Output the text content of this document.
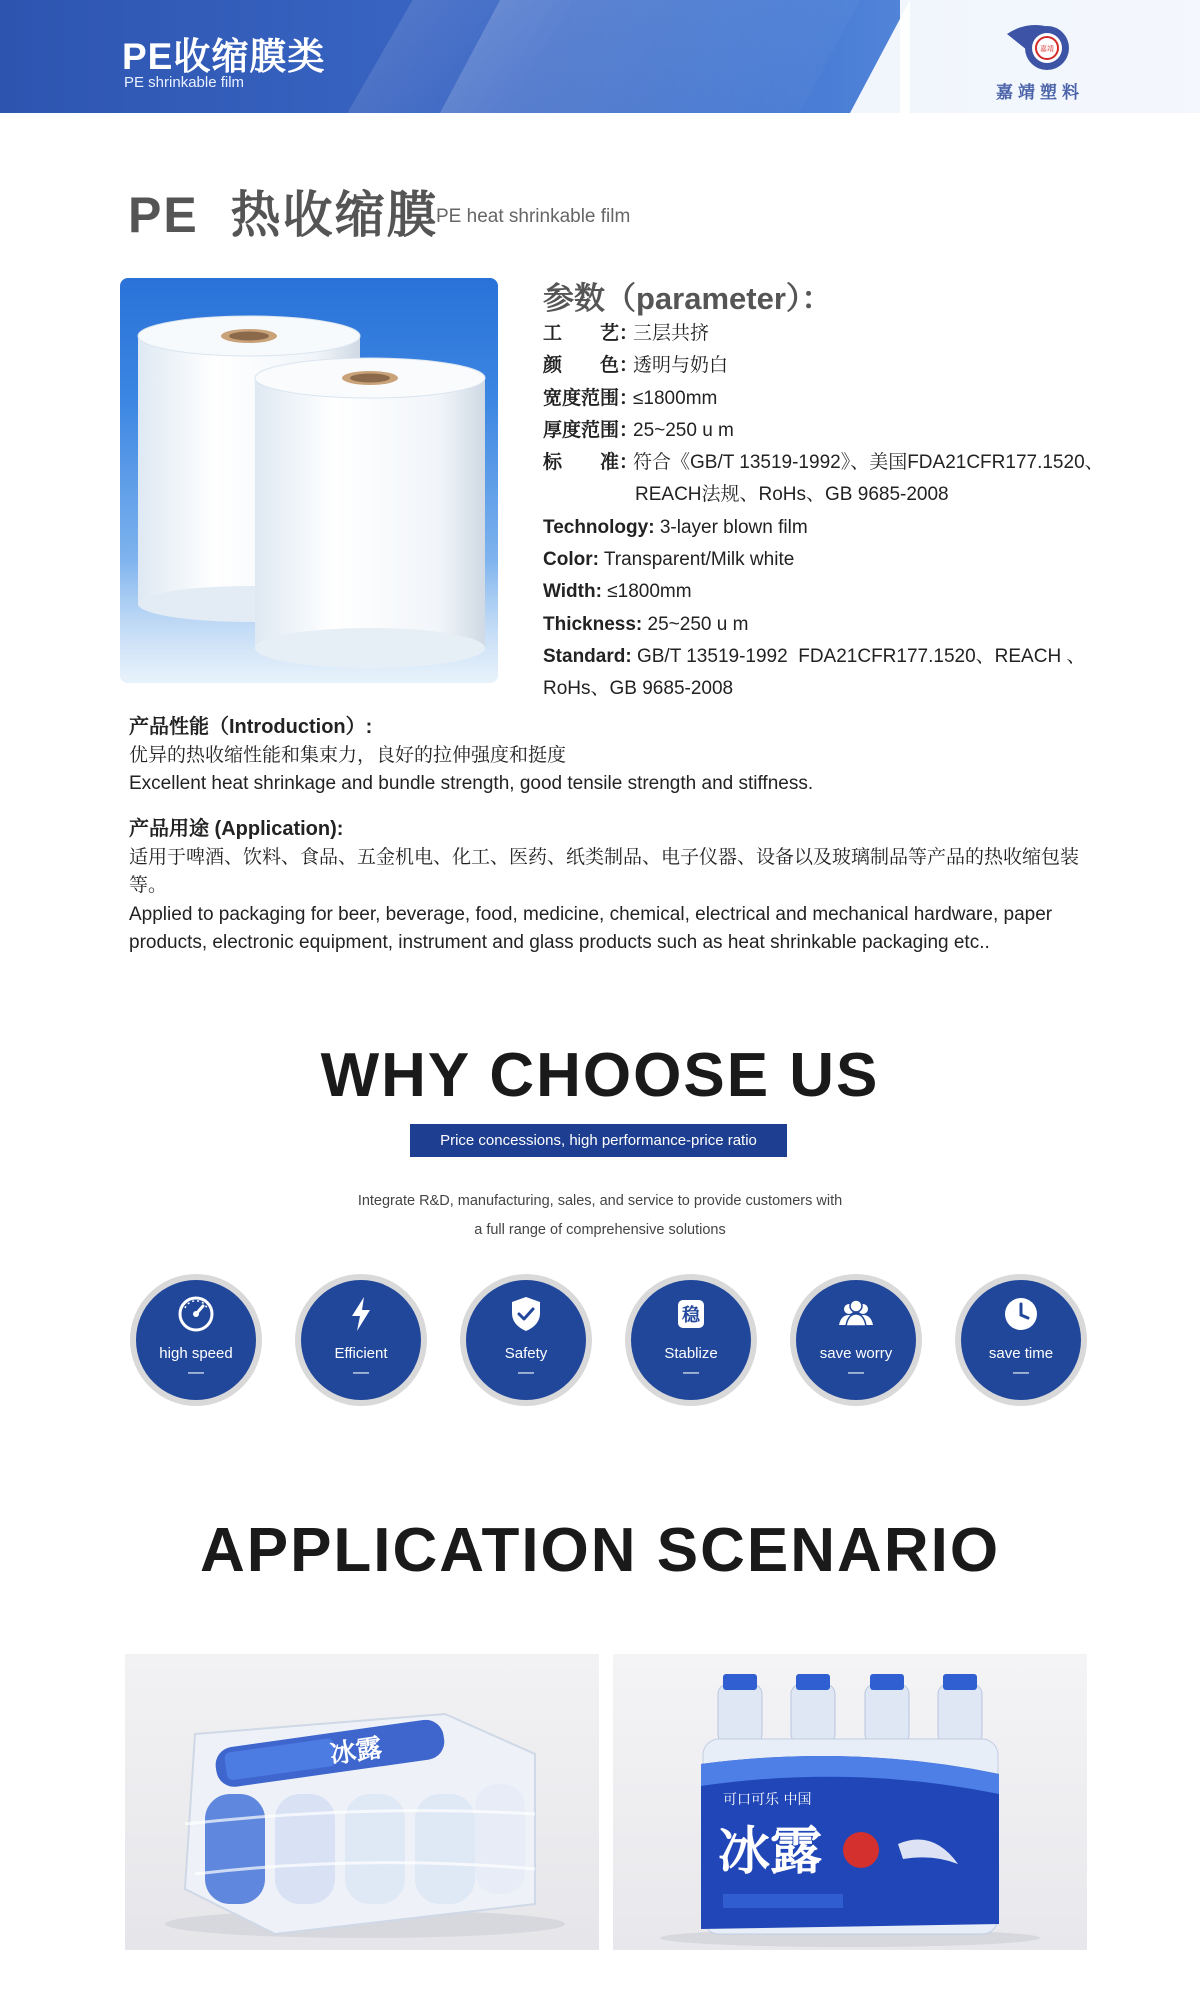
PE收缩膜类
PE shrinkable film
嘉靖
嘉靖塑料
PE  热收缩膜
PE heat shrinkable film
参数（parameter）：
工　　艺：
三层共挤
颜　　色：
透明与奶白
宽度范围：
≤1800mm
厚度范围：
25~250 u m
标　　准：
符合《GB/T 13519-1992》、美国FDA21CFR177.1520、
REACH法规、RoHs、GB 9685-2008
Technology: 3-layer blown film
Color: Transparent/Milk white
Width: ≤1800mm
Thickness: 25~250 u m
Standard: GB/T 13519-1992  FDA21CFR177.1520、REACH 、
RoHs、GB 9685-2008
产品性能（Introduction）:
优异的热收缩性能和集束力，良好的拉伸强度和挺度
Excellent heat shrinkage and bundle strength, good tensile strength and stiffness.
产品用途 (Application):
适用于啤酒、饮料、食品、五金机电、化工、医药、纸类制品、电子仪器、设备以及玻璃制品等产品的热收缩包装等。
Applied to packaging for beer, beverage, food, medicine, chemical, electrical and mechanical hardware, paper
products, electronic equipment, instrument and glass products such as heat shrinkable packaging etc..
WHY CHOOSE US
Price concessions, high performance-price ratio
Integrate R&D, manufacturing, sales, and service to provide customers with
a full range of comprehensive solutions
high speed
—
Efficient
—
Safety
—
稳
Stablize
—
save worry
—
save time
—
APPLICATION SCENARIO
冰露
可口可乐 中国
冰露
